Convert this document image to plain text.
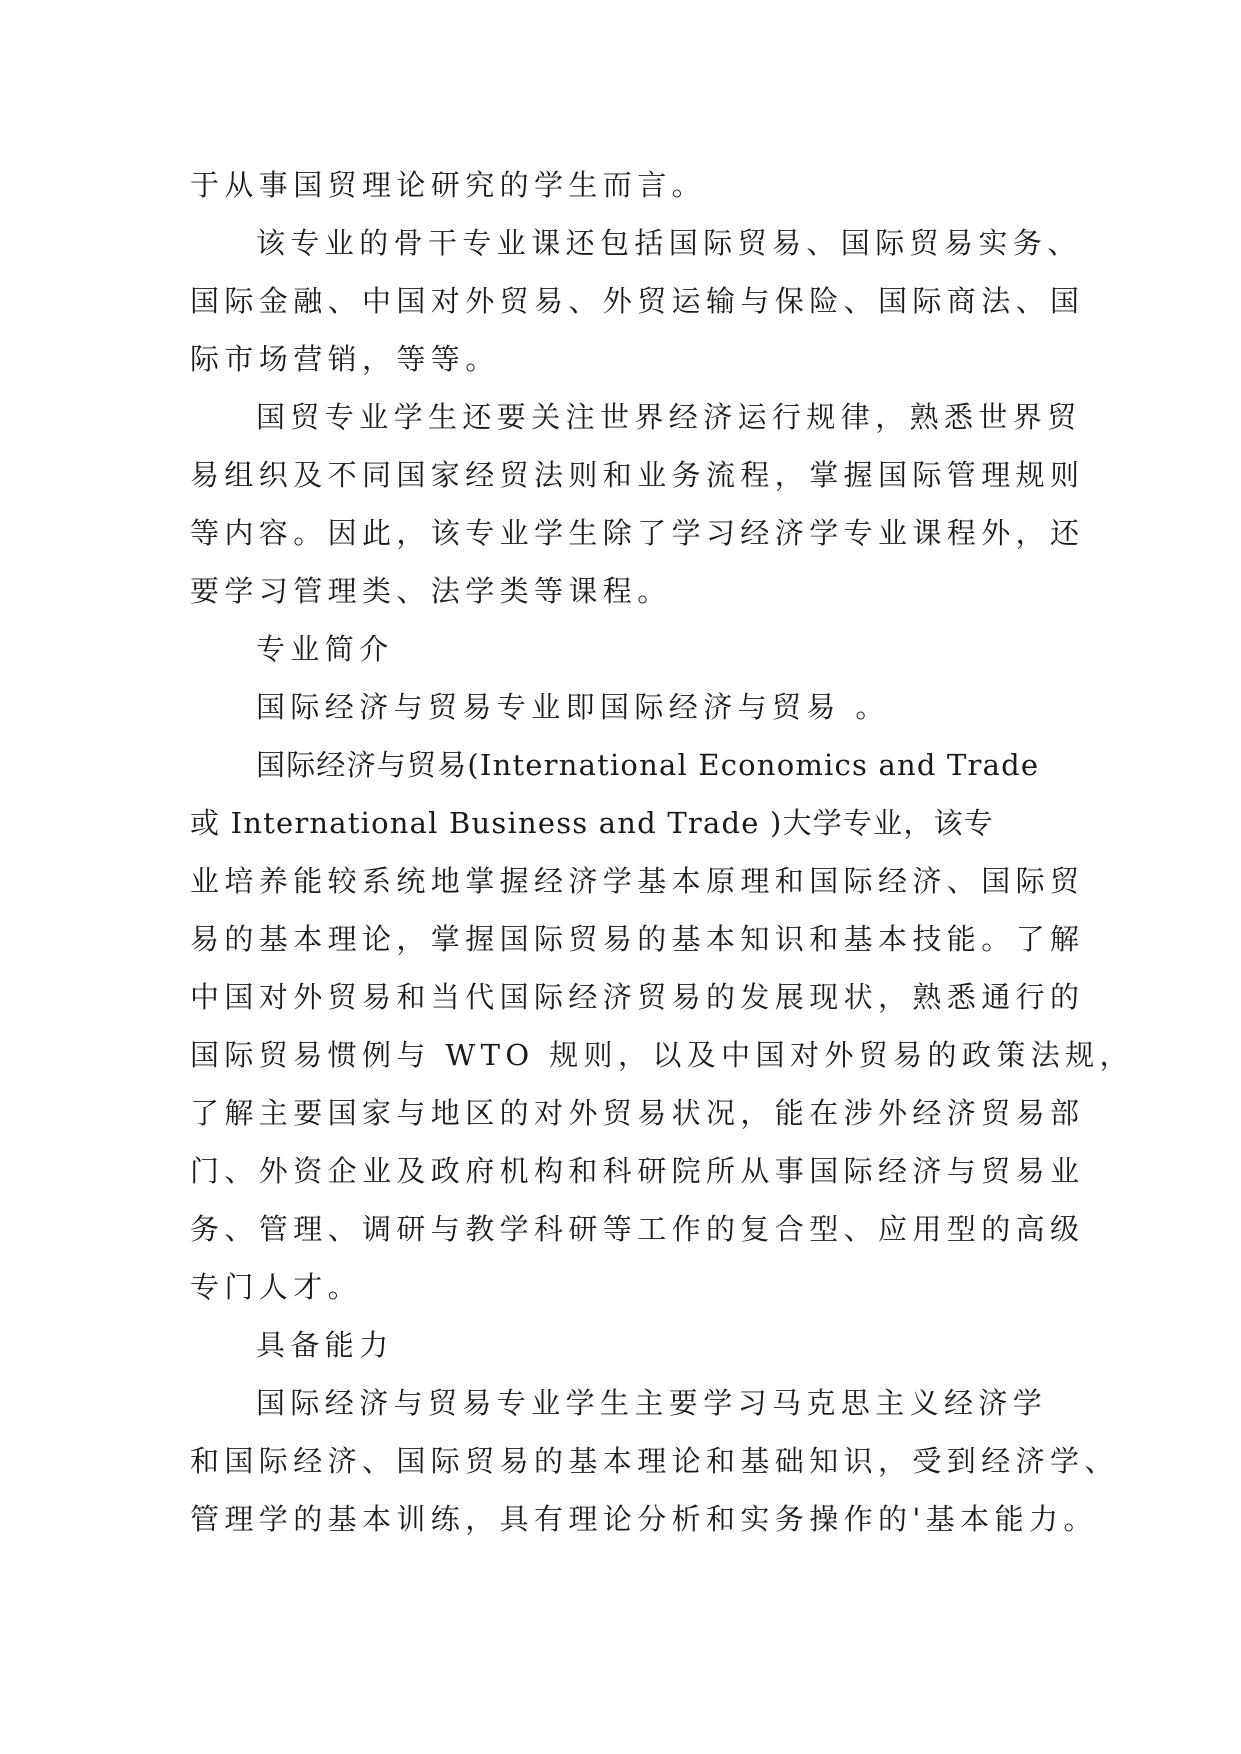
于从事国贸理论研究的学生而言。
该专业的骨干专业课还包括国际贸易、国际贸易实务、
国际金融、中国对外贸易、外贸运输与保险、国际商法、国
际市场营销，等等。
国贸专业学生还要关注世界经济运行规律，熟悉世界贸
易组织及不同国家经贸法则和业务流程，掌握国际管理规则
等内容。因此，该专业学生除了学习经济学专业课程外，还
要学习管理类、法学类等课程。
专业简介
国际经济与贸易专业即国际经济与贸易 。
国际经济与贸易(International Economics and Trade
或 International Business and Trade )大学专业，该专
业培养能较系统地掌握经济学基本原理和国际经济、国际贸
易的基本理论，掌握国际贸易的基本知识和基本技能。了解
中国对外贸易和当代国际经济贸易的发展现状，熟悉通行的
国际贸易惯例与 WTO 规则，以及中国对外贸易的政策法规，
了解主要国家与地区的对外贸易状况，能在涉外经济贸易部
门、外资企业及政府机构和科研院所从事国际经济与贸易业
务、管理、调研与教学科研等工作的复合型、应用型的高级
专门人才。
具备能力
国际经济与贸易专业学生主要学习马克思主义经济学
和国际经济、国际贸易的基本理论和基础知识，受到经济学、
管理学的基本训练，具有理论分析和实务操作的'基本能力。
